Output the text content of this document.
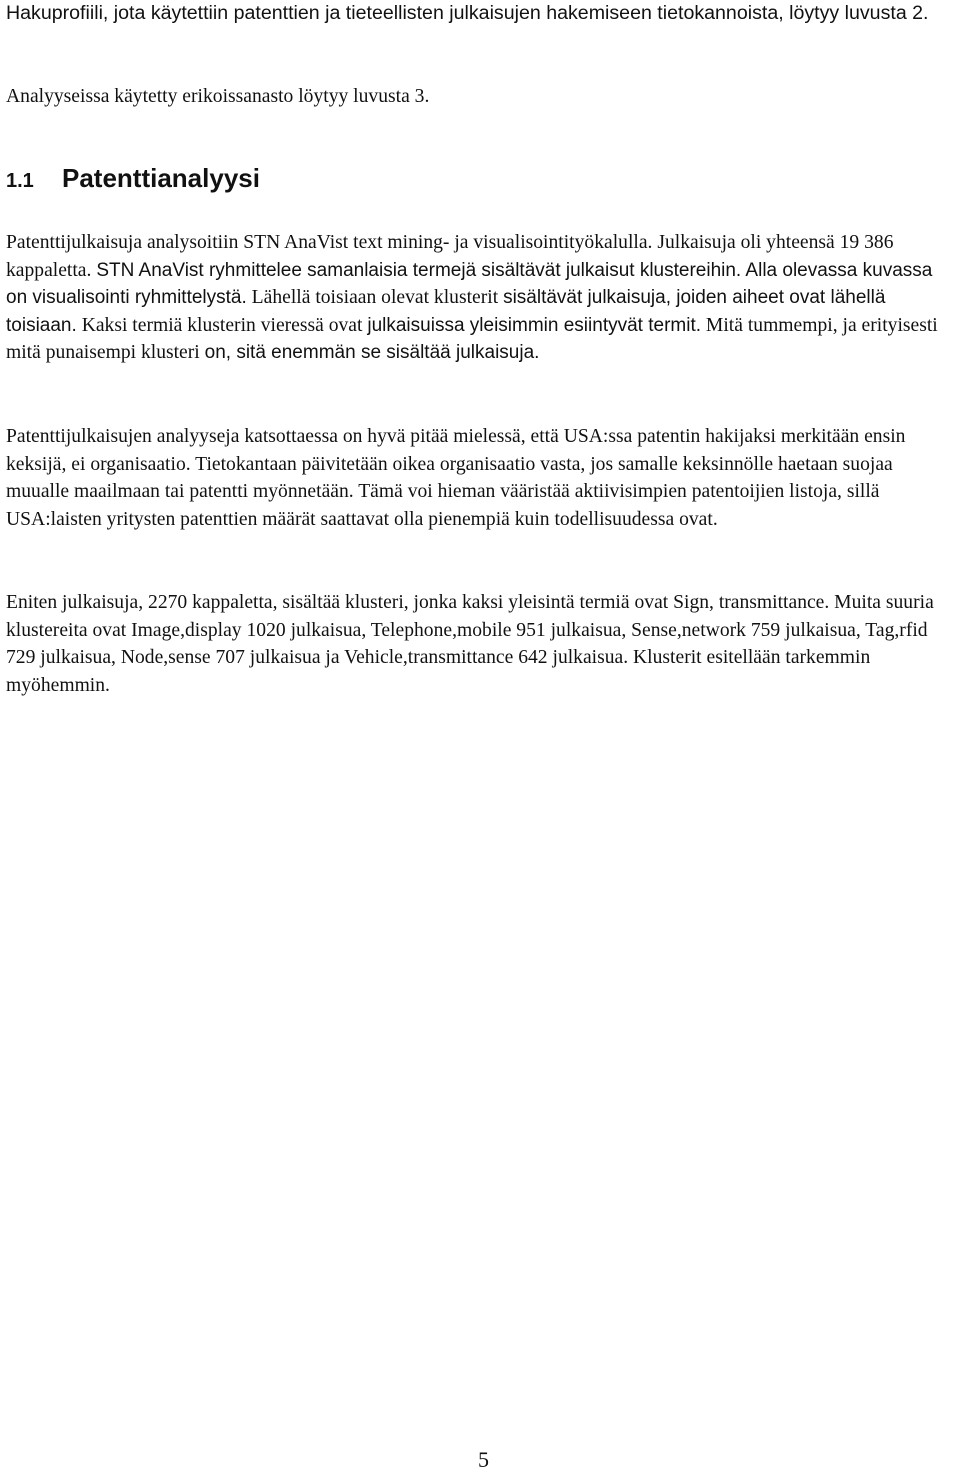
Hakuprofiili, jota käytettiin patenttien ja tieteellisten julkaisujen hakemiseen tietokannoista, löytyy luvusta 2.

Analyyseissa käytetty erikoissanasto löytyy luvusta 3.

1.1 Patenttianalyysi

Patenttijulkaisuja analysoitiin STN AnaVist text mining- ja visualisointityökalulla. Julkaisuja oli yhteensä 19 386 kappaletta. STN AnaVist ryhmittelee samanlaisia termejä sisältävät julkaisut klustereihin. Alla olevassa kuvassa on visualisointi ryhmittelystä. Lähellä toisiaan olevat klusterit sisältävät julkaisuja, joiden aiheet ovat lähellä toisiaan. Kaksi termiä klusterin vieressä ovat julkaisuissa yleisimmin esiintyvät termit. Mitä tummempi, ja erityisesti mitä punaisempi klusteri on, sitä enemmän se sisältää julkaisuja.

Patenttijulkaisujen analyyseja katsottaessa on hyvä pitää mielessä, että USA:ssa patentin hakijaksi merkitään ensin keksijä, ei organisaatio. Tietokantaan päivitetään oikea organisaatio vasta, jos samalle keksinnölle haetaan suojaa muualle maailmaan tai patentti myönnetään. Tämä voi hieman vääristää aktiivisimpien patentoijien listoja, sillä USA:laisten yritysten patenttien määrät saattavat olla pienempiä kuin todellisuudessa ovat.

Eniten julkaisuja, 2270 kappaletta, sisältää klusteri, jonka kaksi yleisintä termiä ovat Sign, transmittance. Muita suuria klustereita ovat Image,display 1020 julkaisua, Telephone,mobile 951 julkaisua, Sense,network 759 julkaisua, Tag,rfid 729 julkaisua, Node,sense 707 julkaisua ja Vehicle,transmittance 642 julkaisua. Klusterit esitellään tarkemmin myöhemmin.

5
